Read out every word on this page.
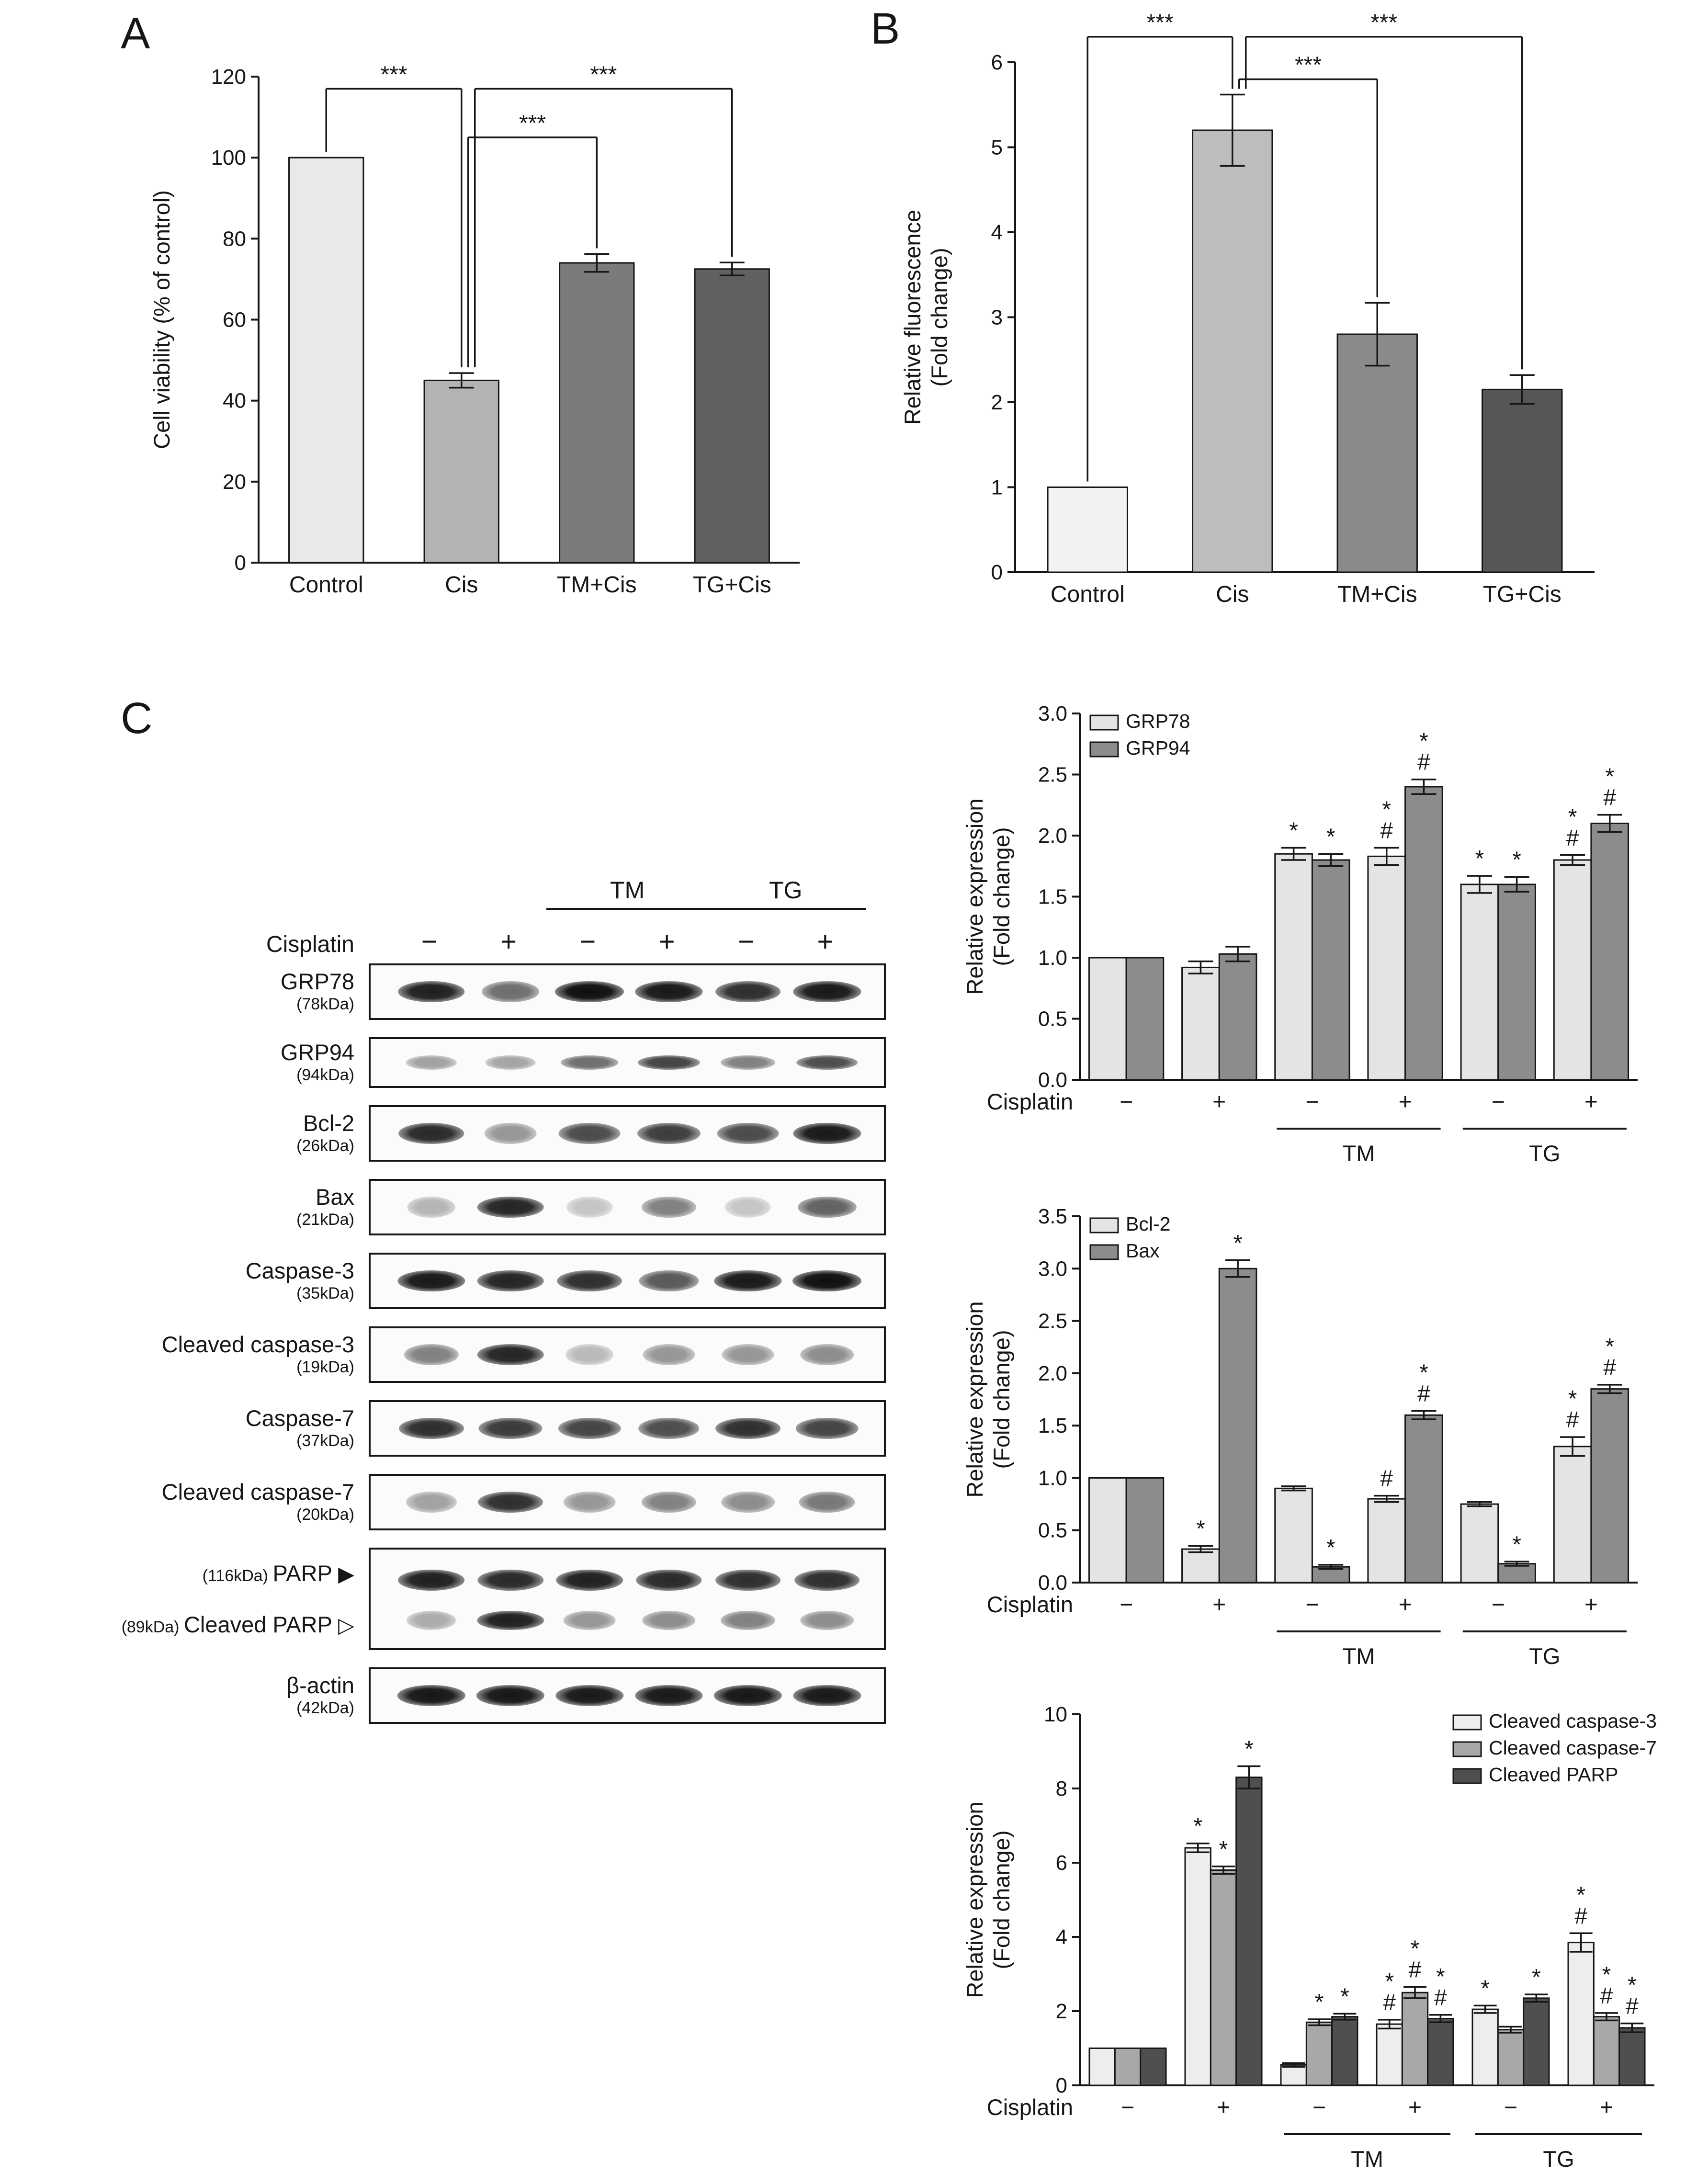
A	B
C
0
20
40
60
80
100
120
Cell viability (% of control)
Control	Cis	TM+Cis TG+Cis
***
***
***
0
1
2
3
4
5
6
Relative fluorescence (Fold change)
Control	Cis	TM+Cis	TG+Cis
***
***
***
TM	TG
Cisplatin	− + − + − +
GRP78
(78kDa)
GRP94
(94kDa)
Bcl-2
(26kDa)
Bax
(21kDa)
Caspase-3
(35kDa)
Cleaved caspase-3
(19kDa)
Caspase-7
(37kDa)
Cleaved caspase-7
(20kDa)
(116kDa) PARP ▶
(89kDa) Cleaved PARP ▷
β-actin
(42kDa)
0.0
0.5
1.0
1.5
2.0
2.5
3.0
Relative expression (Fold change)
−	+	−	+	−	+
Cisplatin
TM	TG
*
*
#
*
*
#
*
*
#
*
*
#
GRP78
GRP94
0.0
0.5
1.0
1.5
2.0
2.5
3.0
3.5
Relative expression (Fold change)
−	+	−	+	−	+
Cisplatin
TM	TG
*
#
*
#
*
*
*
#
*
*
#
Bcl-2
Bax
0
2
4
6
8
10
Relative expression (Fold change)
−	+	−	+	−	+
Cisplatin
TM	TG
*
*
#
*
*
#
*
*
*
#	*
#
*
*
*
#
*	*
#
Cleaved caspase-3
Cleaved caspase-7
Cleaved PARP
